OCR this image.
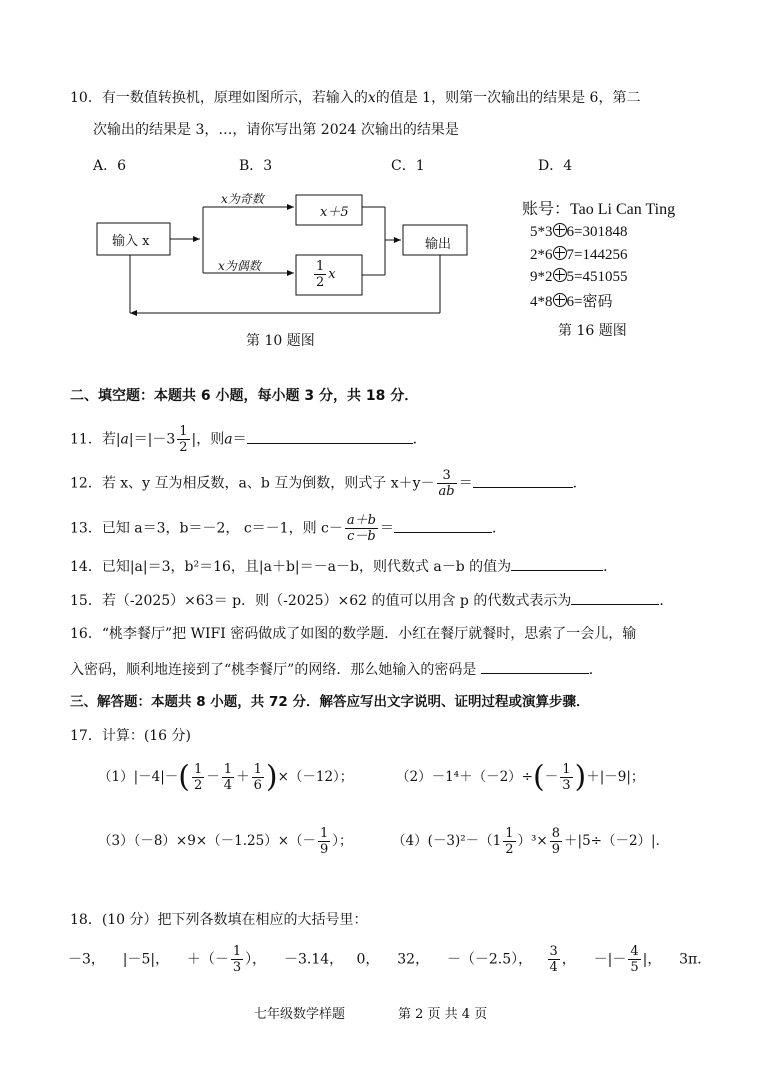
10．有一数值转换机，原理如图所示，若输入的x的值是 1，则第一次输出的结果是 6，第二
次输出的结果是 3，…，请你写出第 2024 次输出的结果是
A．6	B．3	C．1	D．4
输入 x
x为奇数
x为偶数
x＋5
$\frac{1}{2}$ x
输出
第 10 题图
账号：Tao Li Can Ting
5*3 6=301848
2*6 7=144256
9*2 5=451055
4*8 6=密码
第 16 题图
二、填空题：本题共 6 小题，每小题 3 分，共 18 分．
11．若$|a|=|-3 \frac{1}{2}$ |，则a＝	．
12．若 x、y 互为相反数，a、b 互为倒数，则式子 $x+y- \frac{3}{ab}$ ＝	．
13．已知 a＝3，b＝－2， c＝－1，则 $c- \frac{a+b}{c-b}$ ＝	．
14．已知|a|＝3，b²＝16，且|a＋b|＝－a－b，则代数式 a－b 的值为	．
15．若（-2025）×63＝ p．则（-2025）×62 的值可以用含 p 的代数式表示为	．
16．“桃李餐厅”把 WIFI 密码做成了如图的数学题．小红在餐厅就餐时，思索了一会儿，输
入密码，顺利地连接到了“桃李餐厅”的网络．那么她输入的密码是	．
三、解答题：本题共 8 小题，共 72 分．解答应写出文字说明、证明过程或演算步骤．
17．计算：(16 分)
$(1)|-4|-( \frac{1}{2} - \frac{1}{4} + \frac{1}{6} )\times(-12)$；	$(2)-1^4+(-2)\div(- \frac{1}{3} )+|-9|$；
$(3)(-8)\times 9\times(-1.25)\times(- \frac{1}{9}$ ）；	$(4)(-3)^2-(1 \frac{1}{2} )^3\times \frac{8}{9} +|5\div(-2)|$．
18．(10 分）把下列各数填在相应的大括号里：
－3， |－5|， ＋（－ $\frac{1}{3}$ ）， －3.14， 0， 32， －（－2.5）， $\frac{3}{4}$ ， －|－ $\frac{4}{5}$ |， 3π．
七年级数学样题	第 2 页 共 4 页
